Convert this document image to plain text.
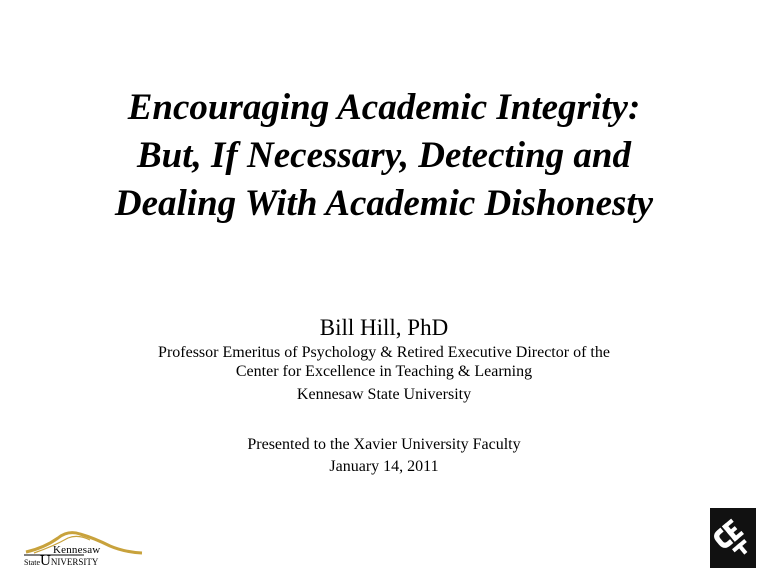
Encouraging Academic Integrity:
But, If Necessary, Detecting and
Dealing With Academic Dishonesty
Bill Hill, PhD
Professor Emeritus of Psychology & Retired Executive Director of the
Center for Excellence in Teaching & Learning
Kennesaw State University
Presented to the Xavier University Faculty
January 14, 2011
Kennesaw
StateUNIVERSITY
